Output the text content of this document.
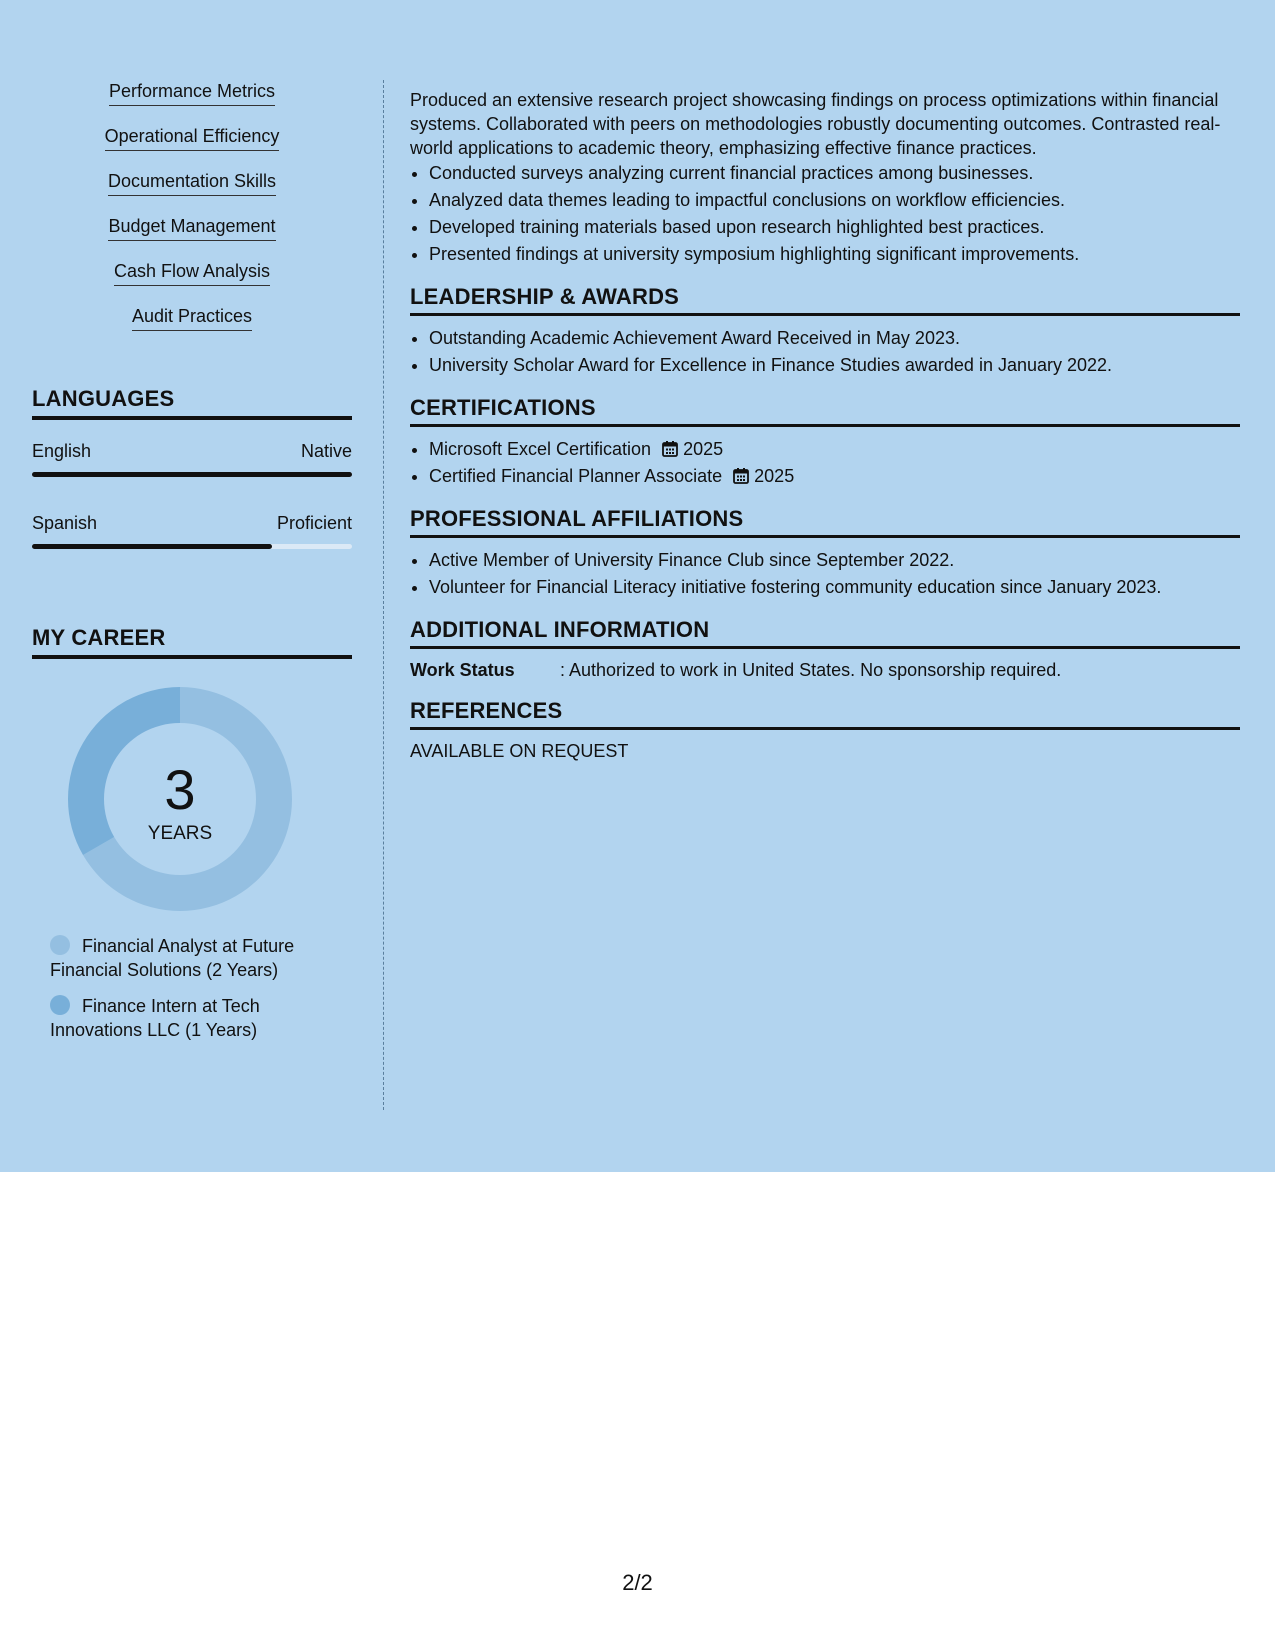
Performance Metrics
Operational Efficiency
Documentation Skills
Budget Management
Cash Flow Analysis
Audit Practices
LANGUAGES
English	Native
Spanish	Proficient
MY CAREER
3
YEARS
Financial Analyst at Future Financial Solutions (2 Years)
Finance Intern at Tech Innovations LLC (1 Years)

Produced an extensive research project showcasing findings on process optimizations within financial systems. Collaborated with peers on methodologies robustly documenting outcomes. Contrasted real-world applications to academic theory, emphasizing effective finance practices.

• Conducted surveys analyzing current financial practices among businesses.
• Analyzed data themes leading to impactful conclusions on workflow efficiencies.
• Developed training materials based upon research highlighted best practices.
• Presented findings at university symposium highlighting significant improvements.
LEADERSHIP & AWARDS
• Outstanding Academic Achievement Award Received in May 2023.
• University Scholar Award for Excellence in Finance Studies awarded in January 2022.
CERTIFICATIONS
• Microsoft Excel Certification 2025
• Certified Financial Planner Associate 2025
PROFESSIONAL AFFILIATIONS
• Active Member of University Finance Club since September 2022.
• Volunteer for Financial Literacy initiative fostering community education since January 2023.
ADDITIONAL INFORMATION
Work Status	: Authorized to work in United States. No sponsorship required.
REFERENCES

AVAILABLE ON REQUEST

2/2
